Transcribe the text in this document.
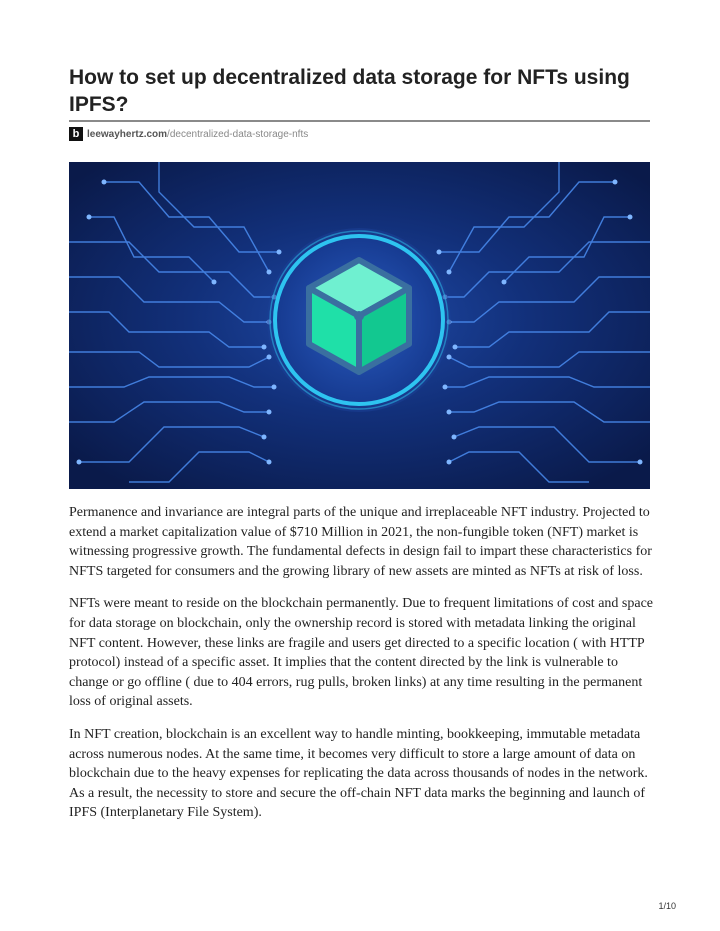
How to set up decentralized data storage for NFTs using IPFS?
b leewayhertz.com/decentralized-data-storage-nfts

Permanence and invariance are integral parts of the unique and irreplaceable NFT industry. Projected to extend a market capitalization value of $710 Million in 2021, the non-fungible token (NFT) market is witnessing progressive growth. The fundamental defects in design fail to impart these characteristics for NFTS targeted for consumers and the growing library of new assets are minted as NFTs at risk of loss.

NFTs were meant to reside on the blockchain permanently. Due to frequent limitations of cost and space for data storage on blockchain, only the ownership record is stored with metadata linking the original NFT content. However, these links are fragile and users get directed to a specific location ( with HTTP protocol) instead of a specific asset. It implies that the content directed by the link is vulnerable to change or go offline ( due to 404 errors, rug pulls, broken links) at any time resulting in the permanent loss of original assets.

In NFT creation, blockchain is an excellent way to handle minting, bookkeeping, immutable metadata across numerous nodes. At the same time, it becomes very difficult to store a large amount of data on blockchain due to the heavy expenses for replicating the data across thousands of nodes in the network. As a result, the necessity to store and secure the off-chain NFT data marks the beginning and launch of IPFS (Interplanetary File System).

1/10
